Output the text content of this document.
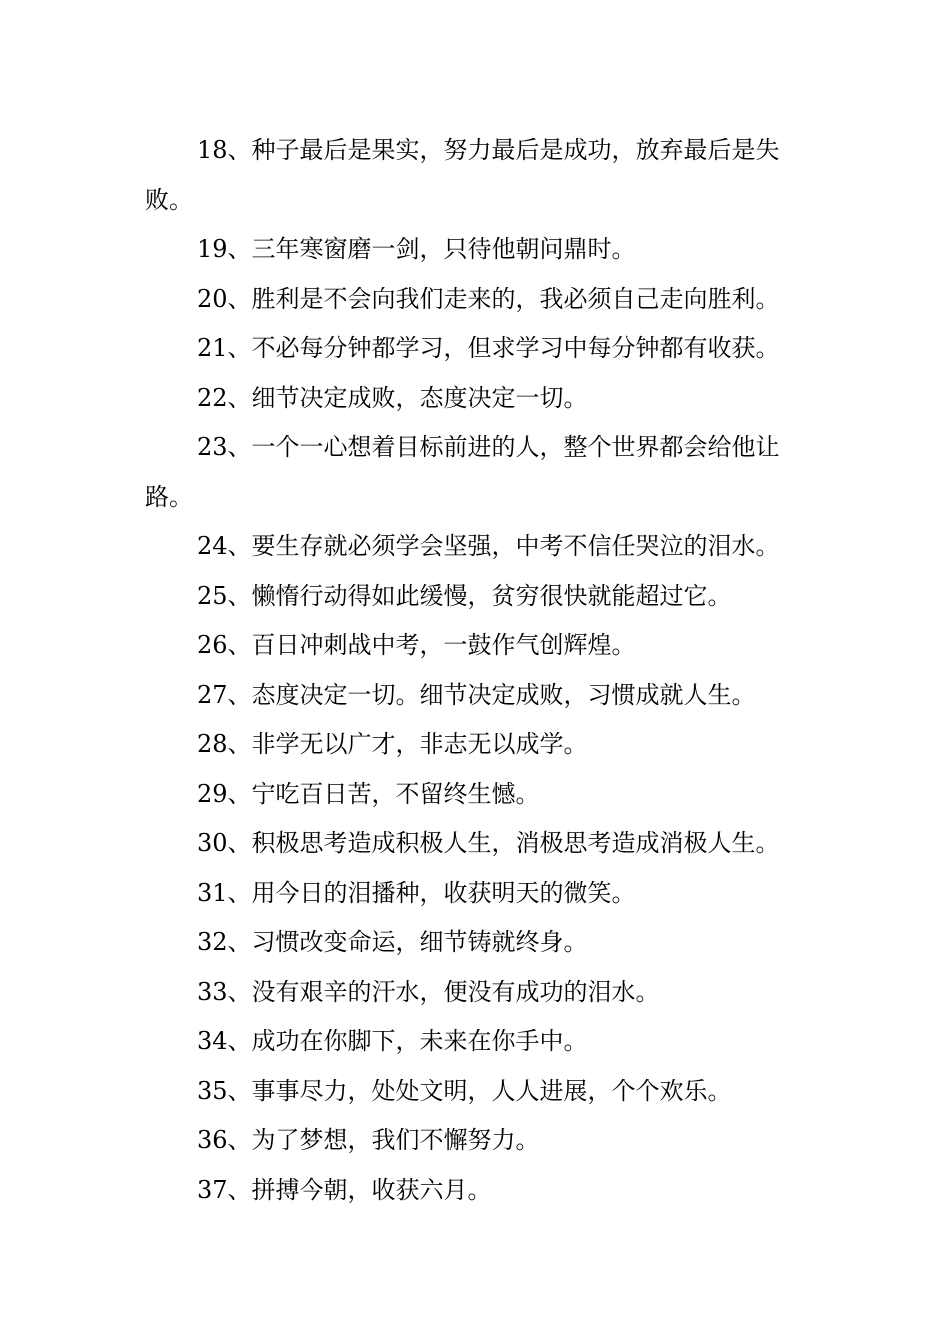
18、种子最后是果实，努力最后是成功，放弃最后是失败。

19、三年寒窗磨一剑，只待他朝问鼎时。

20、胜利是不会向我们走来的，我必须自己走向胜利。

21、不必每分钟都学习，但求学习中每分钟都有收获。

22、细节决定成败，态度决定一切。

23、一个一心想着目标前进的人，整个世界都会给他让路。

24、要生存就必须学会坚强，中考不信任哭泣的泪水。

25、懒惰行动得如此缓慢，贫穷很快就能超过它。

26、百日冲刺战中考，一鼓作气创辉煌。

27、态度决定一切。细节决定成败，习惯成就人生。

28、非学无以广才，非志无以成学。

29、宁吃百日苦，不留终生憾。

30、积极思考造成积极人生，消极思考造成消极人生。

31、用今日的泪播种，收获明天的微笑。

32、习惯改变命运，细节铸就终身。

33、没有艰辛的汗水，便没有成功的泪水。

34、成功在你脚下，未来在你手中。

35、事事尽力，处处文明，人人进展，个个欢乐。

36、为了梦想，我们不懈努力。

37、拼搏今朝，收获六月。
